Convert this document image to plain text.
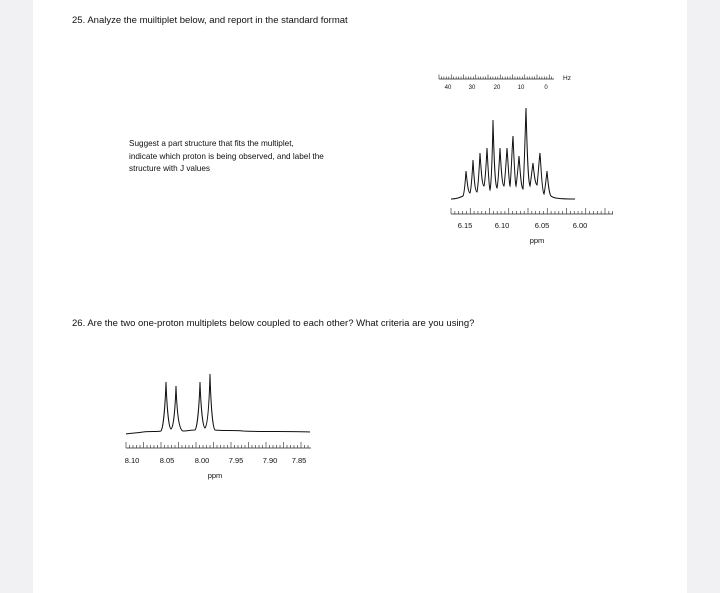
25. Analyze the muiltiplet below, and report in the standard format
Suggest a part structure that fits the multiplet, indicate which proton is being observed, and label the structure with J values
40	30	20	10	0
Hz
6.15	6.10	6.05	6.00
ppm
26. Are the two one-proton multiplets below coupled to each other? What criteria are you using?
8.10	8.05	8.00	7.95	7.90 7.85
ppm
